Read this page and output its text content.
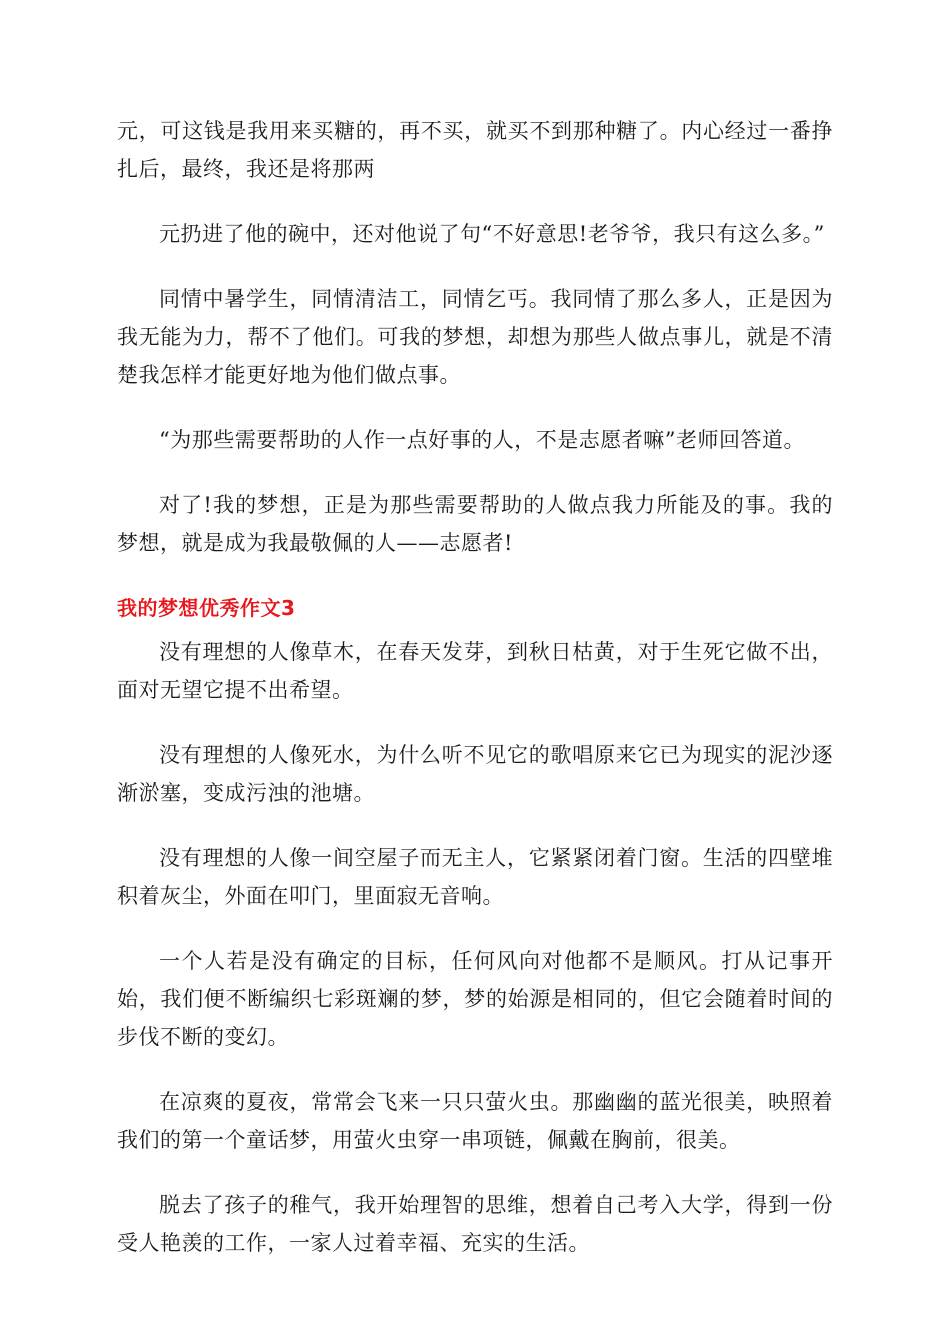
元，可这钱是我用来买糖的，再不买，就买不到那种糖了。内心经过一番挣扎后，最终，我还是将那两

元扔进了他的碗中，还对他说了句“不好意思!老爷爷，我只有这么多。”

同情中暑学生，同情清洁工，同情乞丐。我同情了那么多人，正是因为我无能为力，帮不了他们。可我的梦想，却想为那些人做点事儿，就是不清楚我怎样才能更好地为他们做点事。

“为那些需要帮助的人作一点好事的人，不是志愿者嘛”老师回答道。

对了!我的梦想，正是为那些需要帮助的人做点我力所能及的事。我的梦想，就是成为我最敬佩的人——志愿者!

我的梦想优秀作文3

没有理想的人像草木，在春天发芽，到秋日枯黄，对于生死它做不出，面对无望它提不出希望。

没有理想的人像死水，为什么听不见它的歌唱原来它已为现实的泥沙逐渐淤塞，变成污浊的池塘。

没有理想的人像一间空屋子而无主人，它紧紧闭着门窗。生活的四壁堆积着灰尘，外面在叩门，里面寂无音响。

一个人若是没有确定的目标，任何风向对他都不是顺风。打从记事开始，我们便不断编织七彩斑斓的梦，梦的始源是相同的，但它会随着时间的步伐不断的变幻。

在凉爽的夏夜，常常会飞来一只只萤火虫。那幽幽的蓝光很美，映照着我们的第一个童话梦，用萤火虫穿一串项链，佩戴在胸前，很美。

脱去了孩子的稚气，我开始理智的思维，想着自己考入大学，得到一份受人艳羡的工作，一家人过着幸福、充实的生活。
